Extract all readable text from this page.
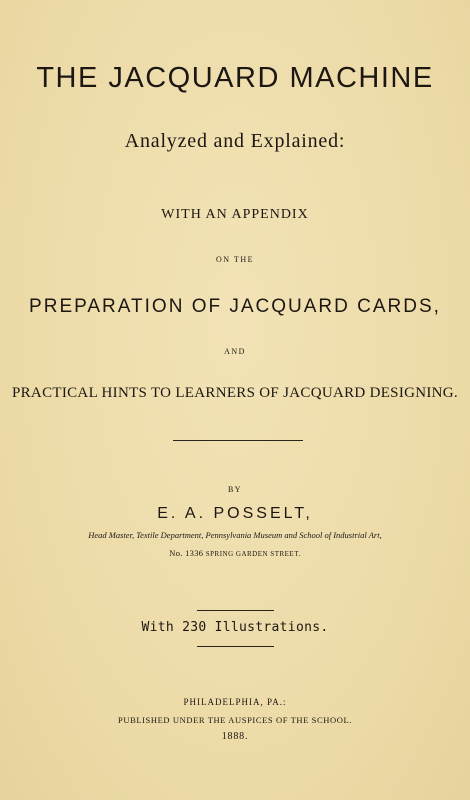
THE JACQUARD MACHINE
Analyzed and Explained:
WITH AN APPENDIX
ON THE
PREPARATION OF JACQUARD CARDS,
AND
PRACTICAL HINTS TO LEARNERS OF JACQUARD DESIGNING.
BY
E. A. POSSELT,
Head Master, Textile Department, Pennsylvania Museum and School of Industrial Art,
No. 1336 SPRING GARDEN STREET.
With 230 Illustrations.
PHILADELPHIA, PA.:
PUBLISHED UNDER THE AUSPICES OF THE SCHOOL.
1888.
